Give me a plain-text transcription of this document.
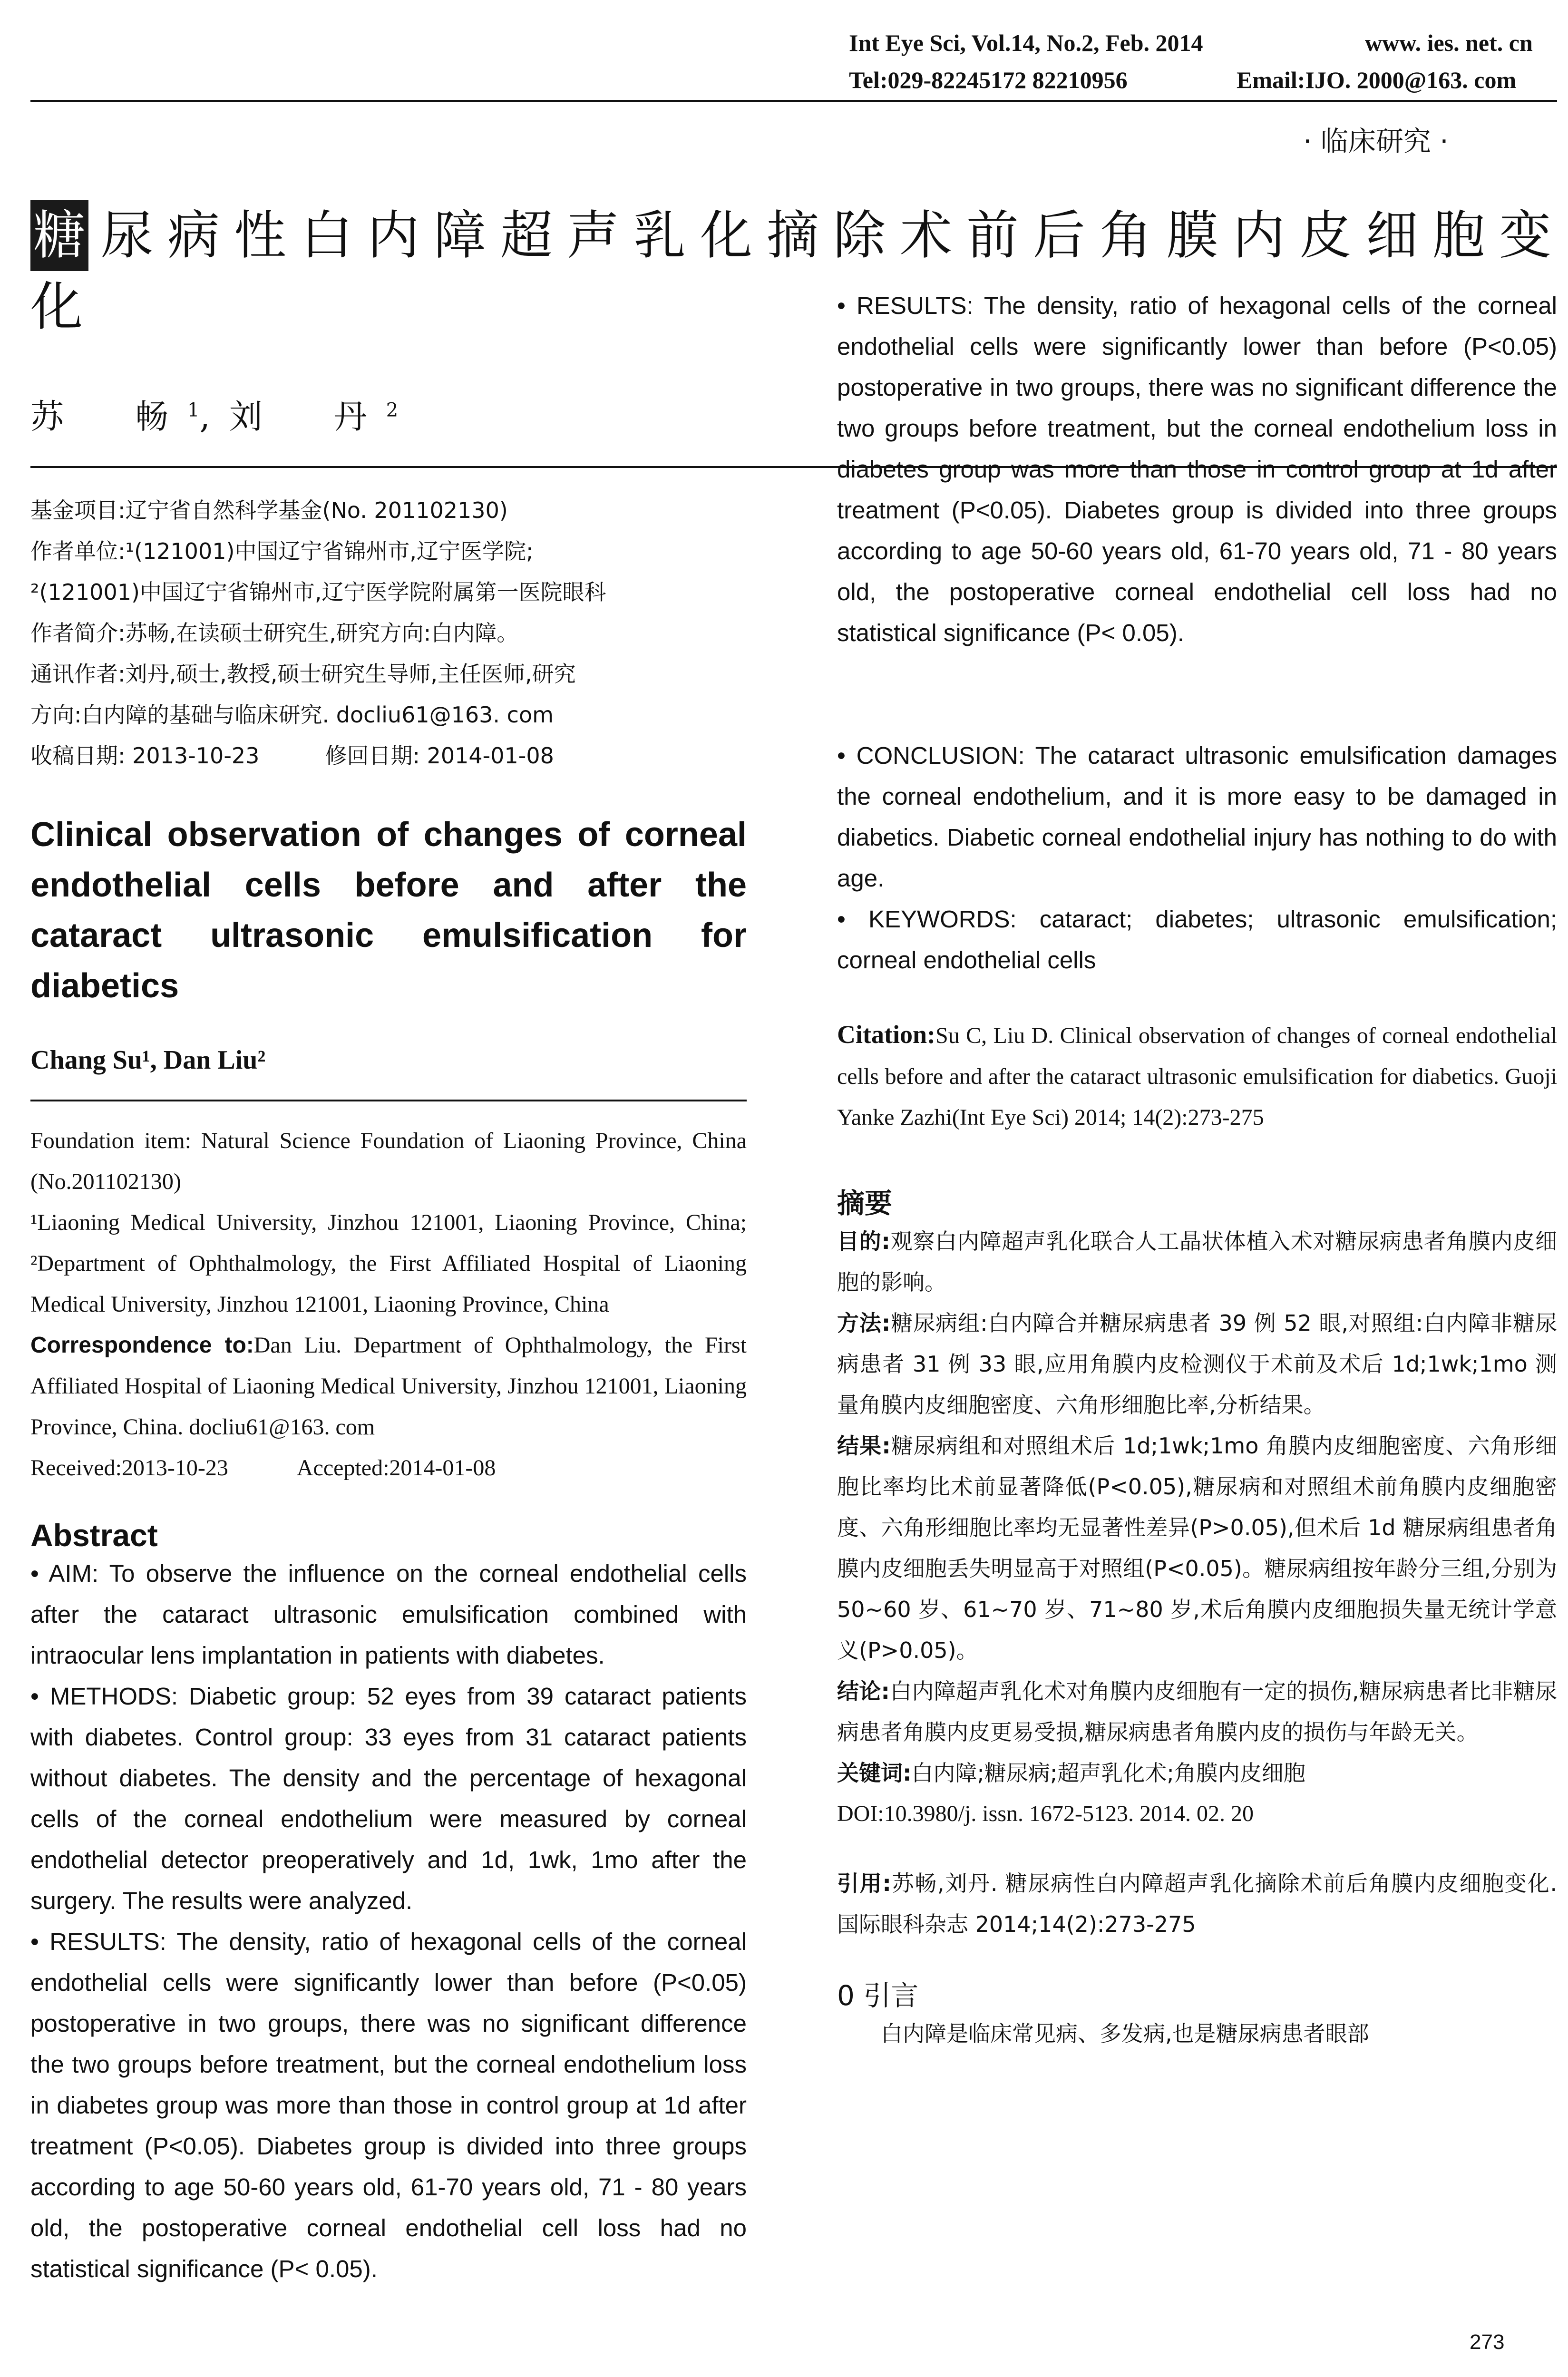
Int Eye Sci, Vol.14, No.2, Feb. 2014	www. ies. net. cn
Tel:029-82245172 82210956	Email:IJO. 2000@163. com
· 临床研究 ·
糖 尿病性白内障超声乳化摘除术前后角膜内皮细胞变化
苏　畅$^1$,刘　丹$^2$

基金项目:辽宁省自然科学基金(No. 201102130)

作者单位:¹(121001)中国辽宁省锦州市,辽宁医学院;

²(121001)中国辽宁省锦州市,辽宁医学院附属第一医院眼科

作者简介:苏畅,在读硕士研究生,研究方向:白内障。

通讯作者:刘丹,硕士,教授,硕士研究生导师,主任医师,研究

方向:白内障的基础与临床研究. docliu61@163. com

收稿日期: 2013-10-23　　　修回日期: 2014-01-08

Clinical observation of changes of corneal endothelial cells before and after the cataract ultrasonic emulsification for diabetics

Chang Su¹, Dan Liu²

Foundation item: Natural Science Foundation of Liaoning Province, China (No.201102130)

¹Liaoning Medical University, Jinzhou 121001, Liaoning Province, China; ²Department of Ophthalmology, the First Affiliated Hospital of Liaoning Medical University, Jinzhou 121001, Liaoning Province, China

Correspondence to:Dan Liu. Department of Ophthalmology, the First Affiliated Hospital of Liaoning Medical University, Jinzhou 121001, Liaoning Province, China. docliu61@163. com

Received:2013-10-23　　　Accepted:2014-01-08

Abstract

• AIM: To observe the influence on the corneal endothelial cells after the cataract ultrasonic emulsification combined with intraocular lens implantation in patients with diabetes.

• METHODS: Diabetic group: 52 eyes from 39 cataract patients with diabetes. Control group: 33 eyes from 31 cataract patients without diabetes. The density and the percentage of hexagonal cells of the corneal endothelium were measured by corneal endothelial detector preoperatively and 1d, 1wk, 1mo after the surgery. The results were analyzed.

• RESULTS: The density, ratio of hexagonal cells of the corneal endothelial cells were significantly lower than before (P<0.05) postoperative in two groups, there was no significant difference the two groups before treatment, but the corneal endothelium loss in diabetes group was more than those in control group at 1d after treatment (P<0.05). Diabetes group is divided into three groups according to age 50-60 years old, 61-70 years old, 71 - 80 years old, the postoperative corneal endothelial cell loss had no statistical significance (P< 0.05).

• RESULTS: The density, ratio of hexagonal cells of the corneal endothelial cells were significantly lower than before (P<0.05) postoperative in two groups, there was no significant difference the two groups before treatment, but the corneal endothelium loss in diabetes group was more than those in control group at 1d after treatment (P<0.05). Diabetes group is divided into three groups according to age 50-60 years old, 61-70 years old, 71 - 80 years old, the postoperative corneal endothelial cell loss had no statistical significance (P< 0.05).

• CONCLUSION: The cataract ultrasonic emulsification damages the corneal endothelium, and it is more easy to be damaged in diabetics. Diabetic corneal endothelial injury has nothing to do with age.

• KEYWORDS: cataract; diabetes; ultrasonic emulsification; corneal endothelial cells

Citation:Su C, Liu D. Clinical observation of changes of corneal endothelial cells before and after the cataract ultrasonic emulsification for diabetics. Guoji Yanke Zazhi(Int Eye Sci) 2014; 14(2):273-275

摘要

目的:观察白内障超声乳化联合人工晶状体植入术对糖尿病患者角膜内皮细胞的影响。

方法:糖尿病组:白内障合并糖尿病患者 39 例 52 眼,对照组:白内障非糖尿病患者 31 例 33 眼,应用角膜内皮检测仪于术前及术后 1d;1wk;1mo 测量角膜内皮细胞密度、六角形细胞比率,分析结果。

结果:糖尿病组和对照组术后 1d;1wk;1mo 角膜内皮细胞密度、六角形细胞比率均比术前显著降低(P<0.05),糖尿病和对照组术前角膜内皮细胞密度、六角形细胞比率均无显著性差异(P>0.05),但术后 1d 糖尿病组患者角膜内皮细胞丢失明显高于对照组(P<0.05)。糖尿病组按年龄分三组,分别为 50~60 岁、61~70 岁、71~80 岁,术后角膜内皮细胞损失量无统计学意义(P>0.05)。

结论:白内障超声乳化术对角膜内皮细胞有一定的损伤,糖尿病患者比非糖尿病患者角膜内皮更易受损,糖尿病患者角膜内皮的损伤与年龄无关。

关键词:白内障;糖尿病;超声乳化术;角膜内皮细胞

DOI:10.3980/j. issn. 1672-5123. 2014. 02. 20

引用:苏畅,刘丹. 糖尿病性白内障超声乳化摘除术前后角膜内皮细胞变化. 国际眼科杂志 2014;14(2):273-275

0 引言

　　白内障是临床常见病、多发病,也是糖尿病患者眼部

273
